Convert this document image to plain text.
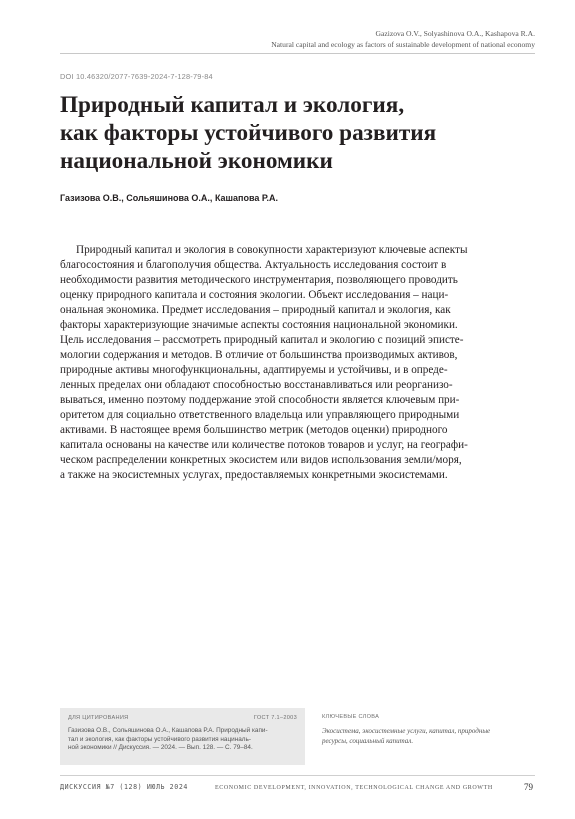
Gazizova O.V., Solyashinova O.A., Kashapova R.A.
Natural capital and ecology as factors of sustainable development of national economy
DOI 10.46320/2077-7639-2024-7-128-79-84
Природный капитал и экология,
как факторы устойчивого развития
национальной экономики
Газизова О.В., Сольяшинова О.А., Кашапова Р.А.
Природный капитал и экология в совокупности характеризуют ключевые аспекты
благосостояния и благополучия общества. Актуальность исследования состоит в
необходимости развития методического инструментария, позволяющего проводить
оценку природного капитала и состояния экологии. Объект исследования – наци-
ональная экономика. Предмет исследования – природный капитал и экология, как
факторы характеризующие значимые аспекты состояния национальной экономики.
Цель исследования – рассмотреть природный капитал и экологию с позиций эписте-
мологии содержания и методов. В отличие от большинства производимых активов,
природные активы многофункциональны, адаптируемы и устойчивы, и в опреде-
ленных пределах они обладают способностью восстанавливаться или реорганизо-
вываться, именно поэтому поддержание этой способности является ключевым при-
оритетом для социально ответственного владельца или управляющего природными
активами. В настоящее время большинство метрик (методов оценки) природного
капитала основаны на качестве или количестве потоков товаров и услуг, на географи-
ческом распределении конкретных экосистем или видов использования земли/моря,
а также на экосистемных услугах, предоставляемых конкретными экосистемами.
ДЛЯ ЦИТИРОВАНИЯ	ГОСТ 7.1–2003
Газизова О.В., Сольяшинова О.А., Кашапова Р.А. Природный капи-
тал и экология, как факторы устойчивого развития нациналь-
ной экономики // Дискуссия. — 2024. — Вып. 128. — С. 79–84.
КЛЮЧЕВЫЕ СЛОВА
Экосистема, экосистемные услуги, капитал, природные
ресурсы, социальный капитал.
ДИСКУССИЯ №7 (128) ИЮЛЬ 2024	ECONOMIC DEVELOPMENT, INNOVATION, TECHNOLOGICAL CHANGE AND GROWTH	79
